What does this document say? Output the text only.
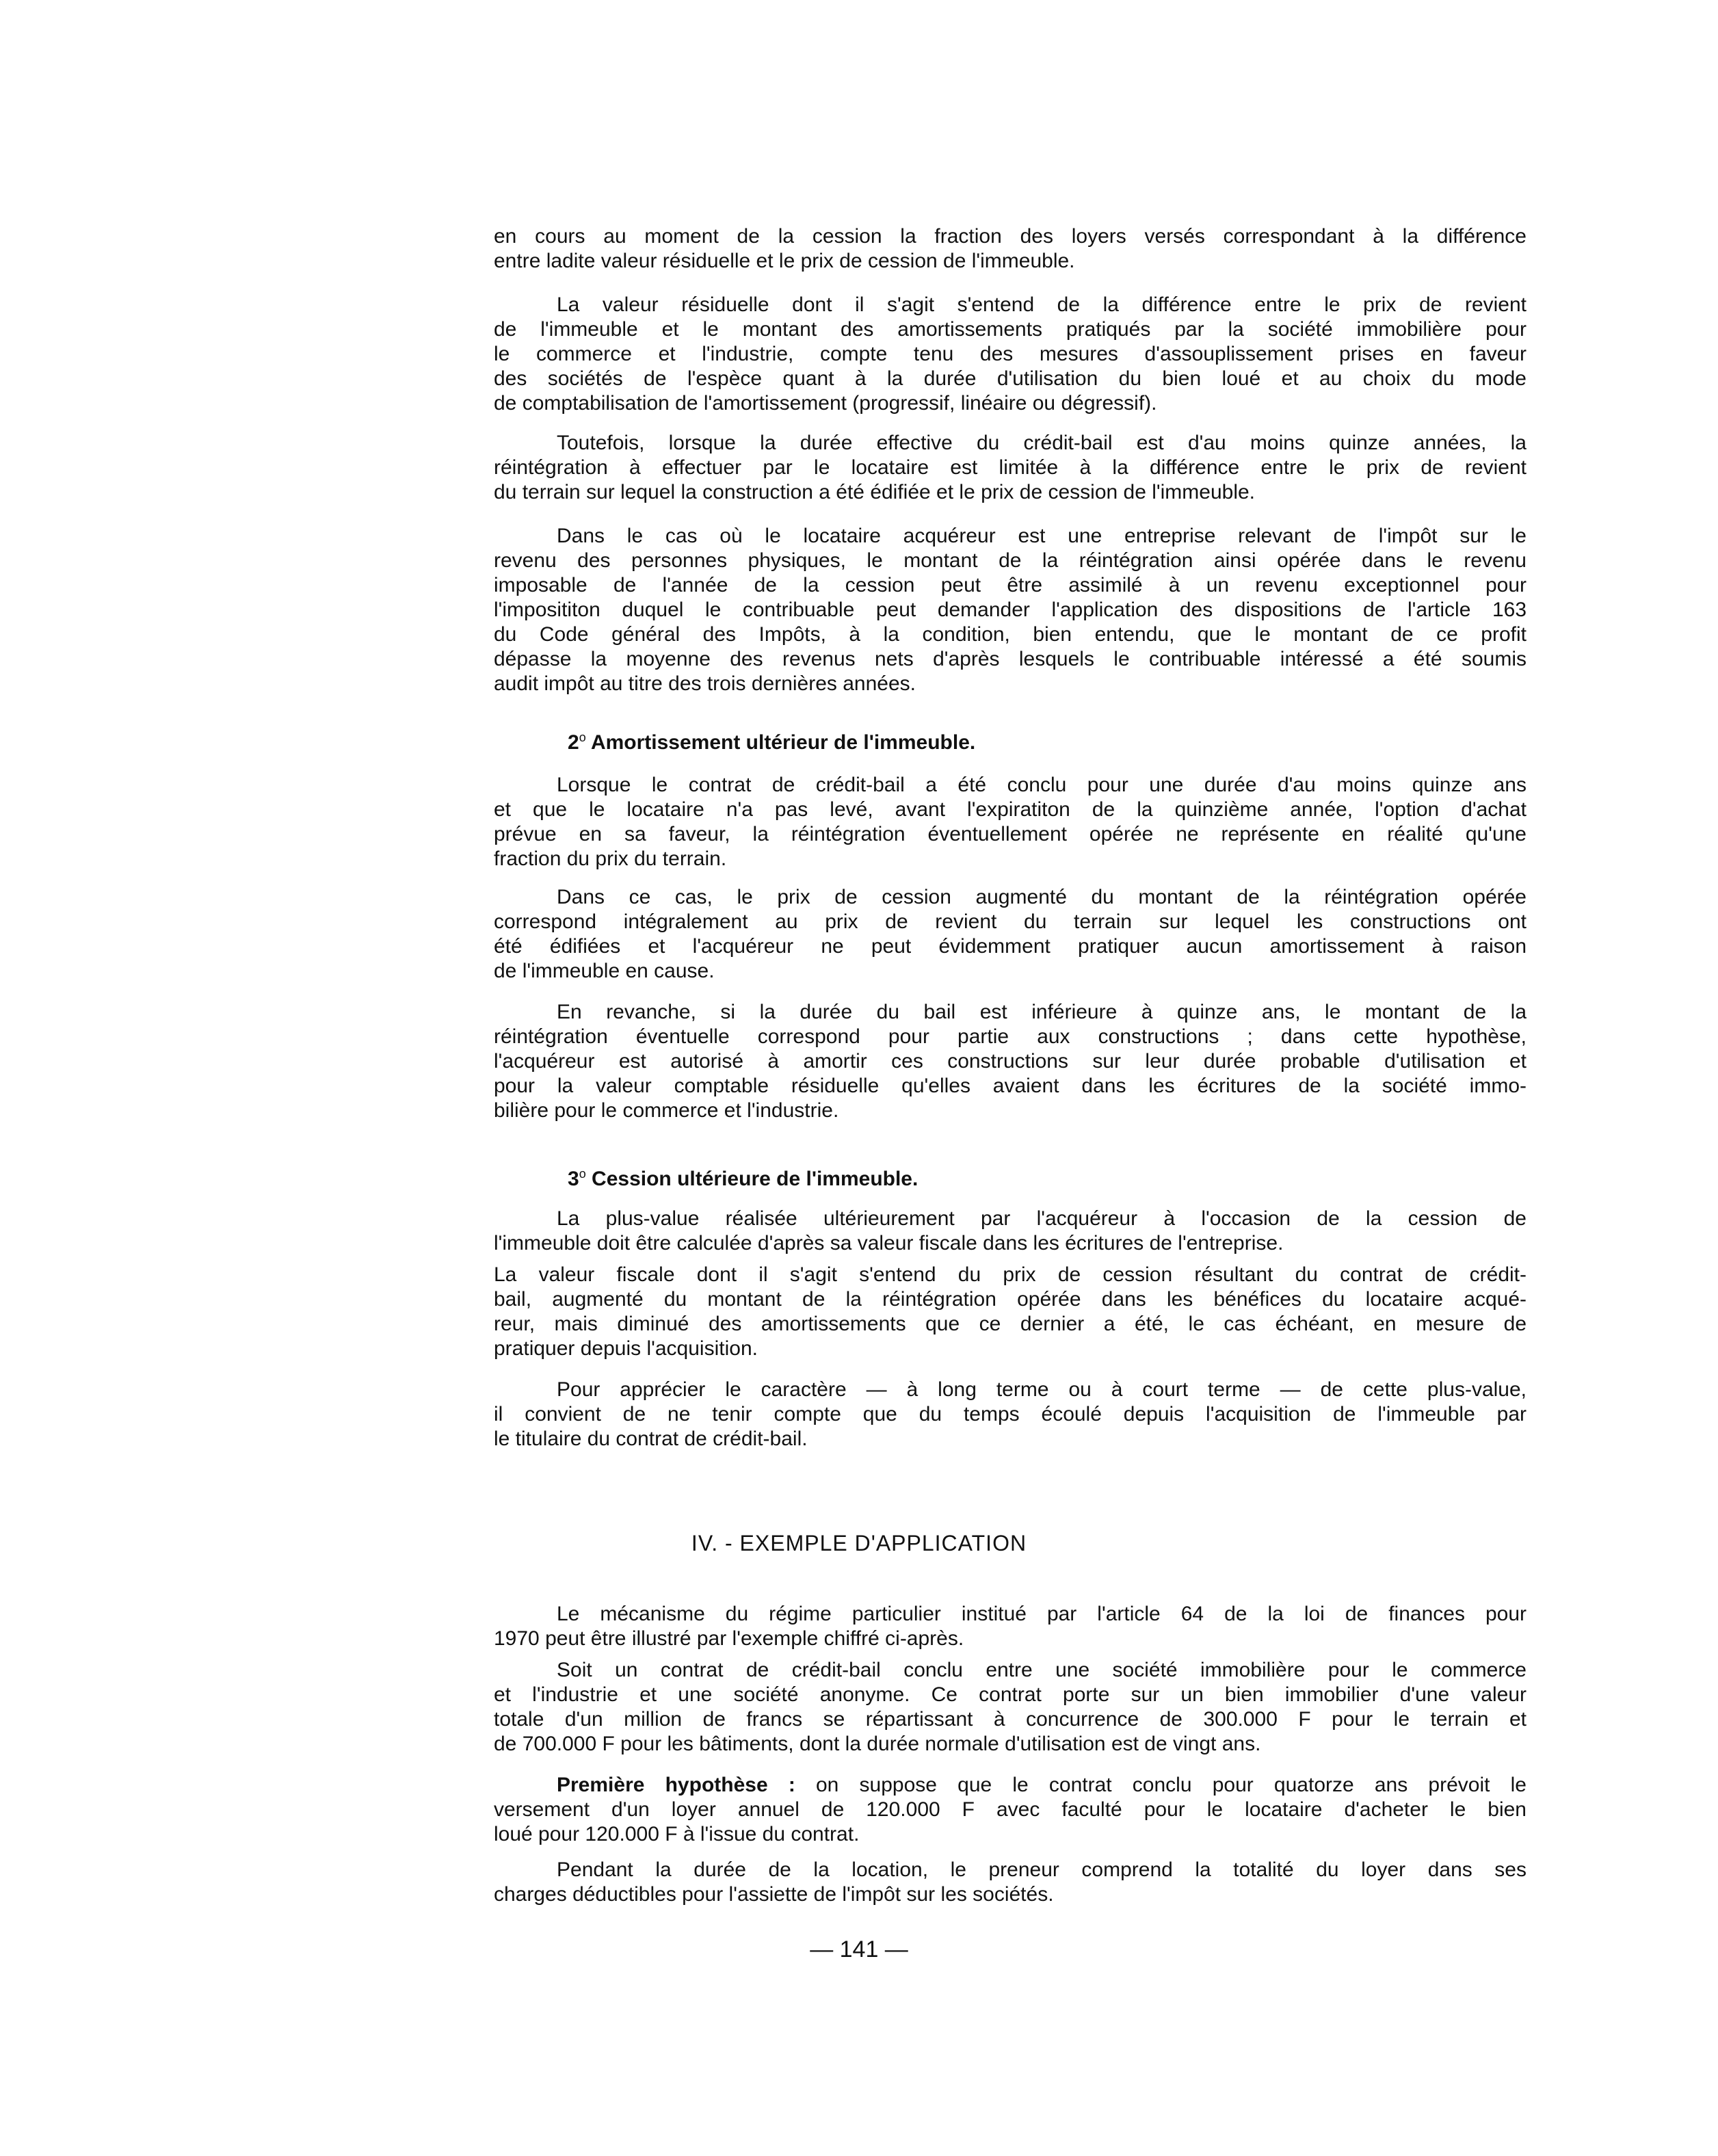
2$^o$ Amortissement ultérieur de l'immeuble.
3$^o$ Cession ultérieure de l'immeuble.
IV. - EXEMPLE D'APPLICATION
— 141 —
en cours au moment de la cession la fraction des loyers versés correspondant à la différence
entre ladite valeur résiduelle et le prix de cession de l'immeuble.
La valeur résiduelle dont il s'agit s'entend de la différence entre le prix de revient
de l'immeuble et le montant des amortissements pratiqués par la société immobilière pour
le commerce et l'industrie, compte tenu des mesures d'assouplissement prises en faveur
des sociétés de l'espèce quant à la durée d'utilisation du bien loué et au choix du mode
de comptabilisation de l'amortissement (progressif, linéaire ou dégressif).
Toutefois, lorsque la durée effective du crédit-bail est d'au moins quinze années, la
réintégration à effectuer par le locataire est limitée à la différence entre le prix de revient
du terrain sur lequel la construction a été édifiée et le prix de cession de l'immeuble.
Dans le cas où le locataire acquéreur est une entreprise relevant de l'impôt sur le
revenu des personnes physiques, le montant de la réintégration ainsi opérée dans le revenu
imposable de l'année de la cession peut être assimilé à un revenu exceptionnel pour
l'imposititon duquel le contribuable peut demander l'application des dispositions de l'article 163
du Code général des Impôts, à la condition, bien entendu, que le montant de ce profit
dépasse la moyenne des revenus nets d'après lesquels le contribuable intéressé a été soumis
audit impôt au titre des trois dernières années.
Lorsque le contrat de crédit-bail a été conclu pour une durée d'au moins quinze ans
et que le locataire n'a pas levé, avant l'expiratiton de la quinzième année, l'option d'achat
prévue en sa faveur, la réintégration éventuellement opérée ne représente en réalité qu'une
fraction du prix du terrain.
Dans ce cas, le prix de cession augmenté du montant de la réintégration opérée
correspond intégralement au prix de revient du terrain sur lequel les constructions ont
été édifiées et l'acquéreur ne peut évidemment pratiquer aucun amortissement à raison
de l'immeuble en cause.
En revanche, si la durée du bail est inférieure à quinze ans, le montant de la
réintégration éventuelle correspond pour partie aux constructions ; dans cette hypothèse,
l'acquéreur est autorisé à amortir ces constructions sur leur durée probable d'utilisation et
pour la valeur comptable résiduelle qu'elles avaient dans les écritures de la société immo-
bilière pour le commerce et l'industrie.
La plus-value réalisée ultérieurement par l'acquéreur à l'occasion de la cession de
l'immeuble doit être calculée d'après sa valeur fiscale dans les écritures de l'entreprise.
La valeur fiscale dont il s'agit s'entend du prix de cession résultant du contrat de crédit-
bail, augmenté du montant de la réintégration opérée dans les bénéfices du locataire acqué-
reur, mais diminué des amortissements que ce dernier a été, le cas échéant, en mesure de
pratiquer depuis l'acquisition.
Pour apprécier le caractère — à long terme ou à court terme — de cette plus-value,
il convient de ne tenir compte que du temps écoulé depuis l'acquisition de l'immeuble par
le titulaire du contrat de crédit-bail.
Le mécanisme du régime particulier institué par l'article 64 de la loi de finances pour
1970 peut être illustré par l'exemple chiffré ci-après.
Soit un contrat de crédit-bail conclu entre une société immobilière pour le commerce
et l'industrie et une société anonyme. Ce contrat porte sur un bien immobilier d'une valeur
totale d'un million de francs se répartissant à concurrence de 300.000 F pour le terrain et
de 700.000 F pour les bâtiments, dont la durée normale d'utilisation est de vingt ans.
Première hypothèse : on suppose que le contrat conclu pour quatorze ans prévoit le
versement d'un loyer annuel de 120.000 F avec faculté pour le locataire d'acheter le bien
loué pour 120.000 F à l'issue du contrat.
Pendant la durée de la location, le preneur comprend la totalité du loyer dans ses
charges déductibles pour l'assiette de l'impôt sur les sociétés.
